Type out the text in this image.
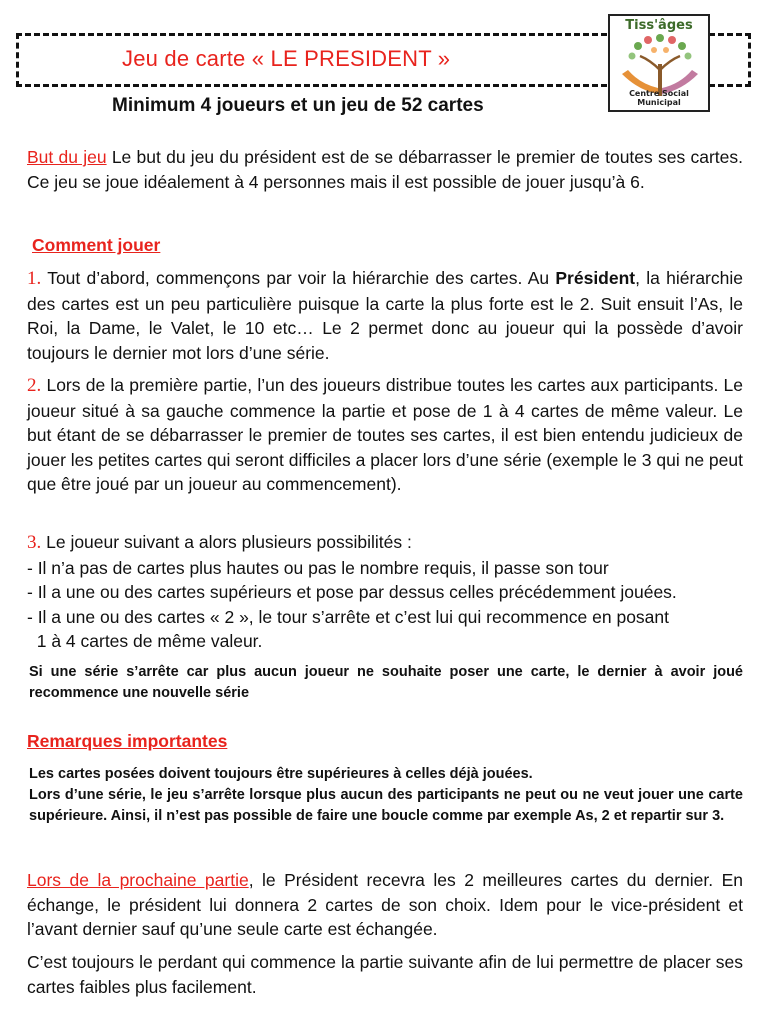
Jeu de carte « LE PRESIDENT »
Tiss'âges
Centre Social Municipal
Minimum 4 joueurs et un jeu de 52 cartes

But du jeu Le but du jeu du président est de se débarrasser le premier de toutes ses cartes. Ce jeu se joue idéalement à 4 personnes mais il est possible de jouer jusqu’à 6.

Comment jouer

1. Tout d’abord, commençons par voir la hiérarchie des cartes. Au Président, la hiérarchie des cartes est un peu particulière puisque la carte la plus forte est le 2. Suit ensuit l’As, le Roi, la Dame, le Valet, le 10 etc… Le 2 permet donc au joueur qui la possède d’avoir toujours le dernier mot lors d’une série.

2. Lors de la première partie, l’un des joueurs distribue toutes les cartes aux participants. Le joueur situé à sa gauche commence la partie et pose de 1 à 4 cartes de même valeur. Le but étant de se débarrasser le premier de toutes ses cartes, il est bien entendu judicieux de jouer les petites cartes qui seront difficiles a placer lors d’une série (exemple le 3 qui ne peut que être joué par un joueur au commencement).

3. Le joueur suivant a alors plusieurs possibilités :
- Il n’a pas de cartes plus hautes ou pas le nombre requis, il passe son tour
- Il a une ou des cartes supérieurs et pose par dessus celles précédemment jouées.
- Il a une ou des cartes « 2 », le tour s’arrête et c’est lui qui recommence en posant
1 à 4 cartes de même valeur.

Si une série s’arrête car plus aucun joueur ne souhaite poser une carte, le dernier à avoir joué recommence une nouvelle série

Remarques importantes

Les cartes posées doivent toujours être supérieures à celles déjà jouées.
Lors d’une série, le jeu s’arrête lorsque plus aucun des participants ne peut ou ne veut jouer une carte supérieure. Ainsi, il n’est pas possible de faire une boucle comme par exemple As, 2 et repartir sur 3.

Lors de la prochaine partie, le Président recevra les 2 meilleures cartes du dernier. En échange, le président lui donnera 2 cartes de son choix. Idem pour le vice-président et l’avant dernier sauf qu’une seule carte est échangée.

C’est toujours le perdant qui commence la partie suivante afin de lui permettre de placer ses cartes faibles plus facilement.
